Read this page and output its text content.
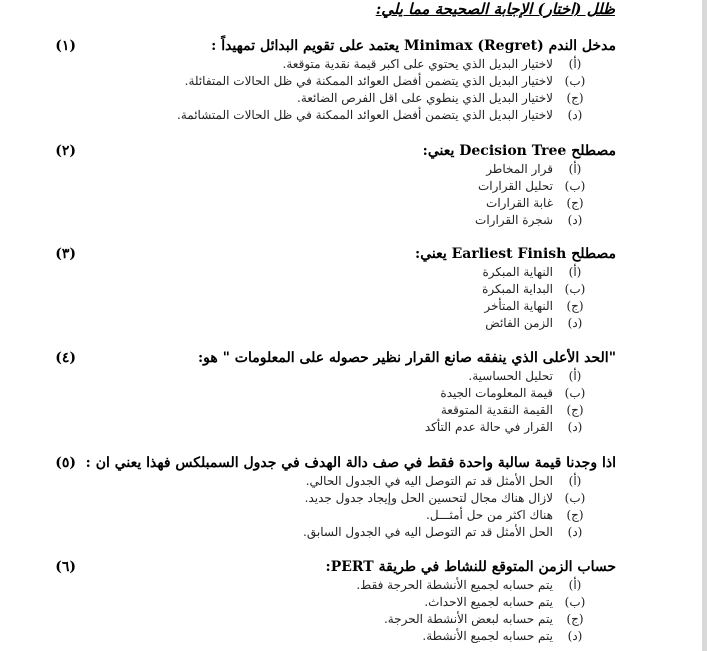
ظلل (اختار) الإجابة الصحيحة مما يلي:
(١)	مدخل الندم (Minimax (Regret يعتمد على تقويم البدائل تمهيداً :
(أ)لاختيار البديل الذي يحتوي على اكبر قيمة نقدية متوقعة.
(ب)لاختيار البديل الذي يتضمن أفضل العوائد الممكنة في ظل الحالات المتفائلة.
(ج)لاختيار البديل الذي ينطوي على اقل الفرص الضائعة.
(د)لاختيار البديل الذي يتضمن أفضل العوائد الممكنة في ظل الحالات المتشائمة.
(٢)	مصطلح Decision Tree يعني:
(أ)قرار المخاطر
(ب)تحليل القرارات
(ج)غابة القرارات
(د)شجرة القرارات
(٣)	مصطلح Earliest Finish يعني:
(أ)النهاية المبكرة
(ب)البداية المبكرة
(ج)النهاية المتأخر
(د)الزمن الفائض
(٤)	"الحد الأعلى الذي ينفقه صانع القرار نظير حصوله على المعلومات " هو:
(أ)تحليل الحساسية.
(ب)قيمة المعلومات الجيدة
(ج)القيمة النقدية المتوقعة
(د)القرار في حالة عدم التأكد
(٥) اذا وجدنا قيمة سالبة واحدة فقط في صف دالة الهدف في جدول السمبلكس فهذا يعني ان :
(أ)الحل الأمثل قد تم التوصل اليه في الجدول الحالي.
(ب)لازال هناك مجال لتحسين الحل وإيجاد جدول جديد.
(ج)هناك اكثر من حل أمثـــل.
(د)الحل الأمثل قد تم التوصل اليه في الجدول السابق.
(٦)	حساب الزمن المتوقع للنشاط في طريقة PERT:
(أ)يتم حسابه لجميع الأنشطة الحرجة فقط.
(ب)يتم حسابه لجميع الاحداث.
(ج)يتم حسابه لبعض الأنشطة الحرجة.
(د)يتم حسابه لجميع الأنشطة.
